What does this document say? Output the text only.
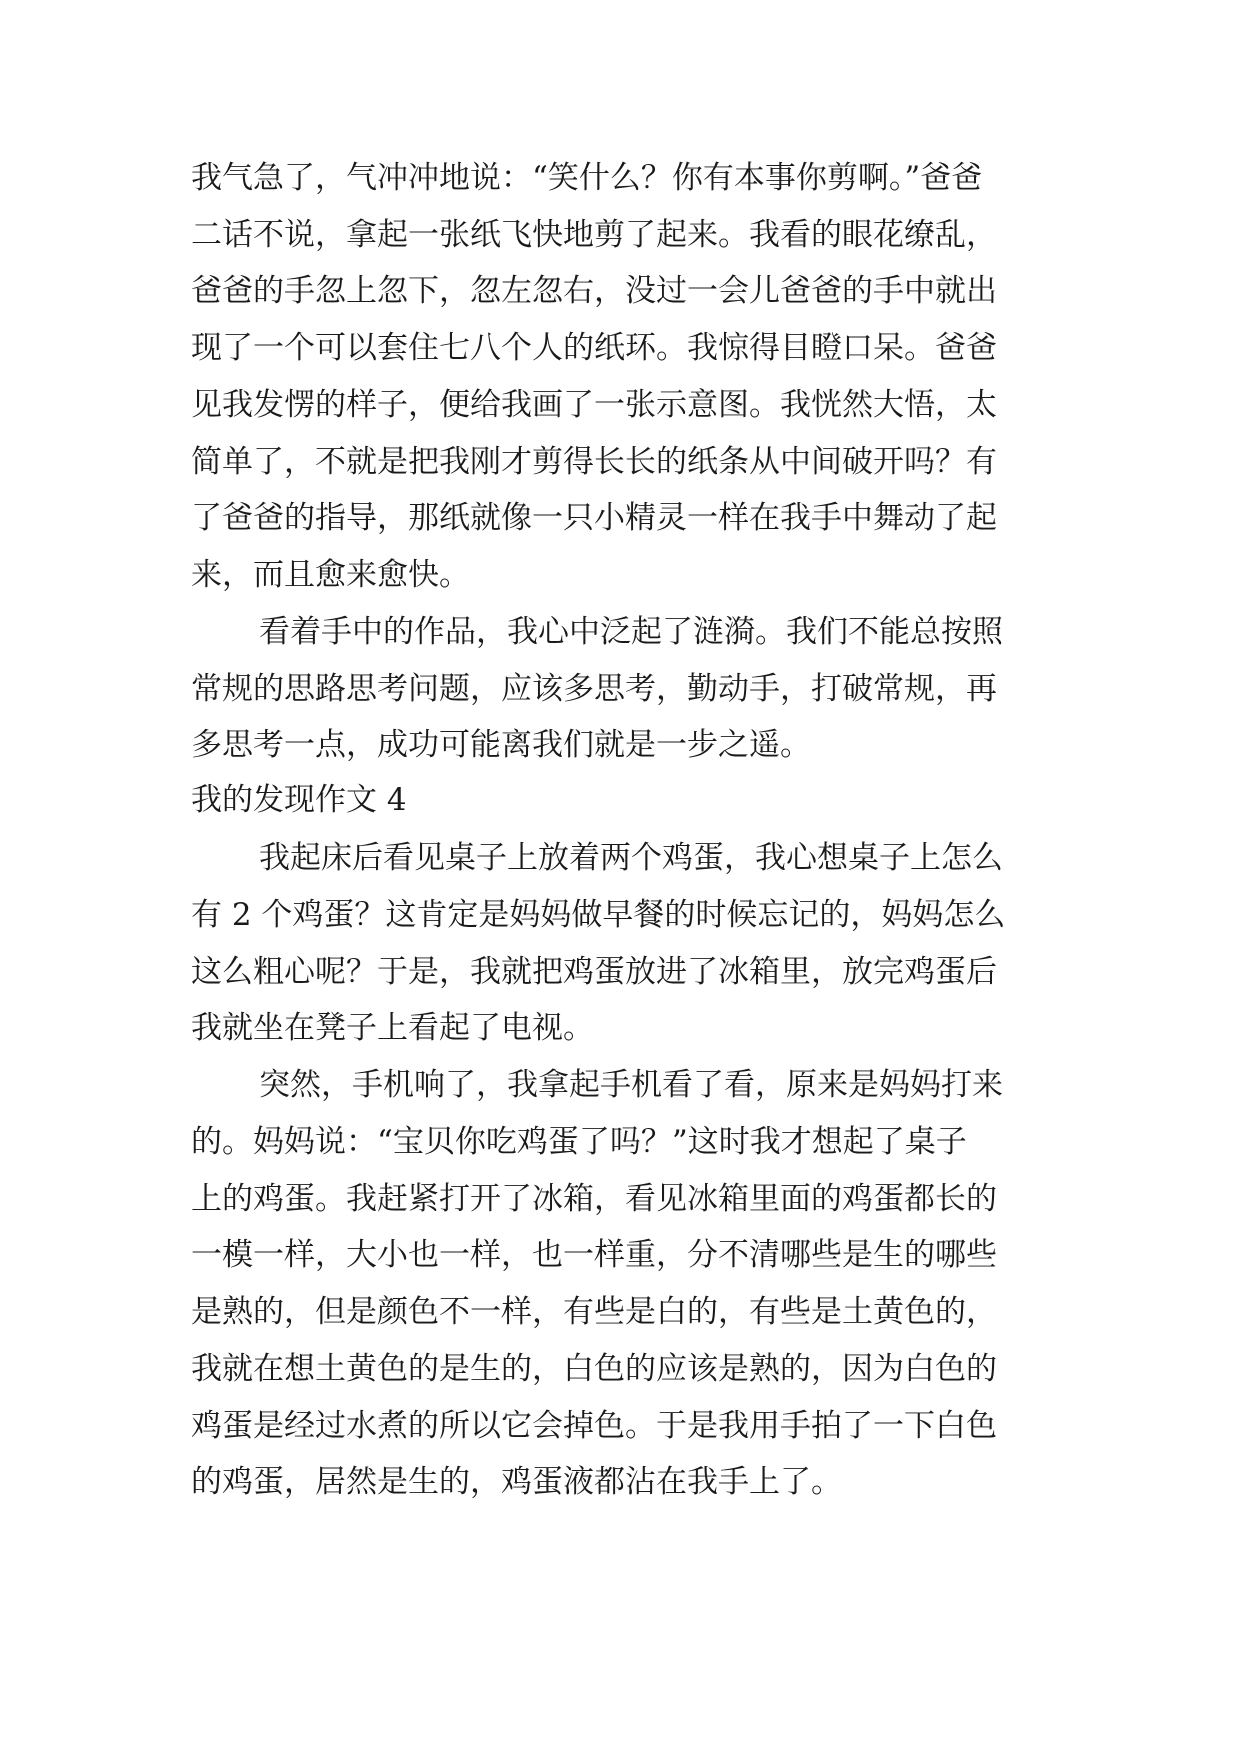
我气急了，气冲冲地说：“笑什么？你有本事你剪啊。”爸爸
二话不说，拿起一张纸飞快地剪了起来。我看的眼花缭乱，
爸爸的手忽上忽下，忽左忽右，没过一会儿爸爸的手中就出
现了一个可以套住七八个人的纸环。我惊得目瞪口呆。爸爸
见我发愣的样子，便给我画了一张示意图。我恍然大悟，太
简单了，不就是把我刚才剪得长长的纸条从中间破开吗？有
了爸爸的指导，那纸就像一只小精灵一样在我手中舞动了起
来，而且愈来愈快。
看着手中的作品，我心中泛起了涟漪。我们不能总按照
常规的思路思考问题，应该多思考，勤动手，打破常规，再
多思考一点，成功可能离我们就是一步之遥。
我的发现作文 4
我起床后看见桌子上放着两个鸡蛋，我心想桌子上怎么
有 2 个鸡蛋？这肯定是妈妈做早餐的时候忘记的，妈妈怎么
这么粗心呢？于是，我就把鸡蛋放进了冰箱里，放完鸡蛋后
我就坐在凳子上看起了电视。
突然，手机响了，我拿起手机看了看，原来是妈妈打来
的。妈妈说：“宝贝你吃鸡蛋了吗？”这时我才想起了桌子
上的鸡蛋。我赶紧打开了冰箱，看见冰箱里面的鸡蛋都长的
一模一样，大小也一样，也一样重，分不清哪些是生的哪些
是熟的，但是颜色不一样，有些是白的，有些是土黄色的，
我就在想土黄色的是生的，白色的应该是熟的，因为白色的
鸡蛋是经过水煮的所以它会掉色。于是我用手拍了一下白色
的鸡蛋，居然是生的，鸡蛋液都沾在我手上了。
